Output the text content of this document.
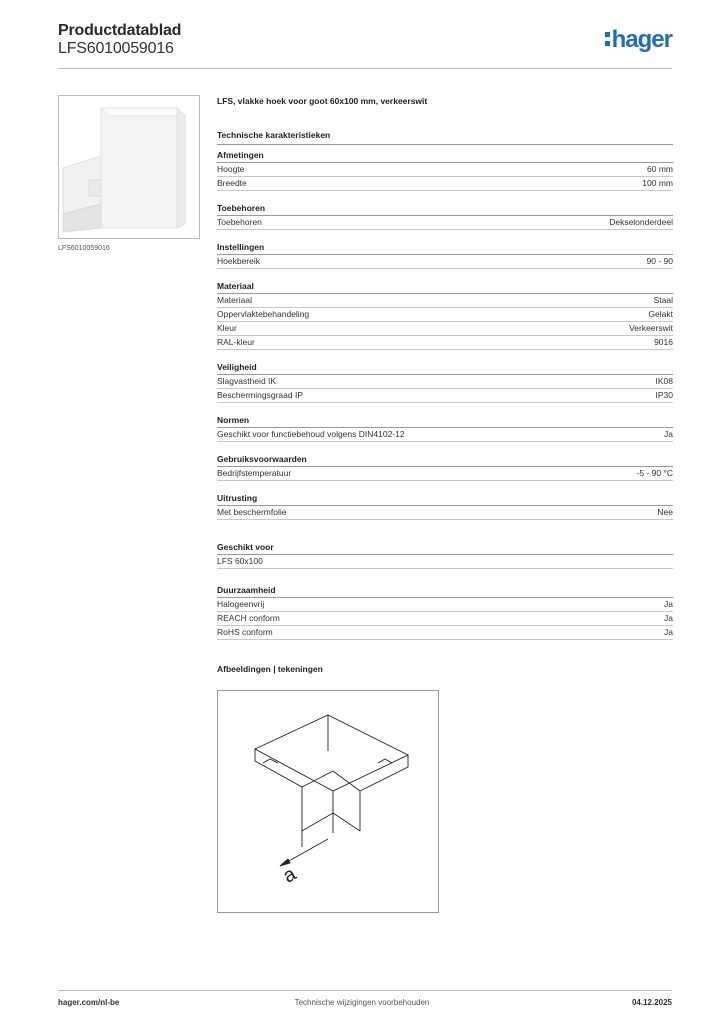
Productdatablad
LFS6010059016	hager
LFS6010059016
LFS, vlakke hoek voor goot 60x100 mm, verkeerswit
Technische karakteristieken
Afmetingen
Hoogte	60 mm
Breedte	100 mm
Toebehoren
Toebehoren	Dekselonderdeel
Instellingen
Hoekbereik	90 - 90
Materiaal
Materiaal	Staal
Oppervlaktebehandeling	Gelakt
Kleur	Verkeerswit
RAL-kleur	9016
Veiligheid
Slagvastheid IK	IK08
Beschermingsgraad IP	IP30
Normen
Geschikt voor functiebehoud volgens DIN4102-12	Ja
Gebruiksvoorwaarden
Bedrijfstemperatuur	-5 - 90 °C
Uitrusting
Met beschermfolie	Nee
Geschikt voor
LFS 60x100
Duurzaamheid
Halogeenvrij	Ja
REACH conform	Ja
RoHS conform	Ja
Afbeeldingen | tekeningen
a
hager.com/nl-be	Technische wijzigingen voorbehouden	04.12.2025
